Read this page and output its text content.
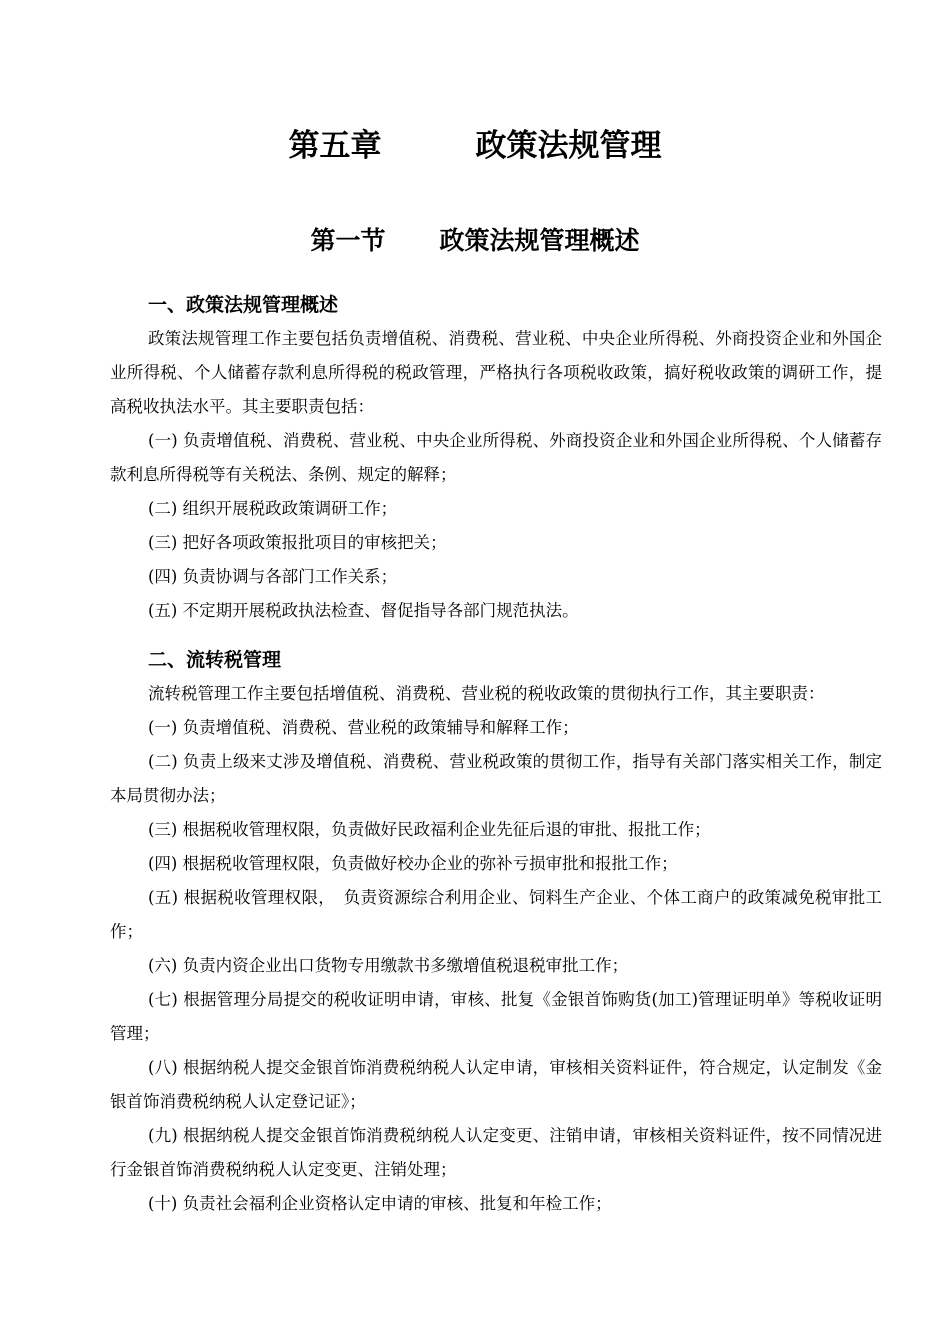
第五章	政策法规管理
第一节 政策法规管理概述
一、政策法规管理概述

政策法规管理工作主要包括负责增值税、消费税、营业税、中央企业所得税、外商投资企业和外国企业所得税、个人储蓄存款利息所得税的税政管理，严格执行各项税收政策，搞好税收政策的调研工作，提高税收执法水平。其主要职责包括：

(一) 负责增值税、消费税、营业税、中央企业所得税、外商投资企业和外国企业所得税、个人储蓄存款利息所得税等有关税法、条例、规定的解释；

(二) 组织开展税政政策调研工作；

(三) 把好各项政策报批项目的审核把关；

(四) 负责协调与各部门工作关系；

(五) 不定期开展税政执法检查、督促指导各部门规范执法。

二、流转税管理

流转税管理工作主要包括增值税、消费税、营业税的税收政策的贯彻执行工作，其主要职责：

(一) 负责增值税、消费税、营业税的政策辅导和解释工作；

(二) 负责上级来丈涉及增值税、消费税、营业税政策的贯彻工作，指导有关部门落实相关工作，制定本局贯彻办法；

(三) 根据税收管理权限，负责做好民政福利企业先征后退的审批、报批工作；

(四) 根据税收管理权限，负责做好校办企业的弥补亏损审批和报批工作；

(五) 根据税收管理权限，　负责资源综合利用企业、饲料生产企业、个体工商户的政策减免税审批工作；

(六) 负责内资企业出口货物专用缴款书多缴增值税退税审批工作；

(七) 根据管理分局提交的税收证明申请，审核、批复《金银首饰购货(加工)管理证明单》等税收证明管理；

(八) 根据纳税人提交金银首饰消费税纳税人认定申请，审核相关资料证件，符合规定，认定制发《金银首饰消费税纳税人认定登记证》；

(九) 根据纳税人提交金银首饰消费税纳税人认定变更、注销申请，审核相关资料证件，按不同情况进行金银首饰消费税纳税人认定变更、注销处理；

(十) 负责社会福利企业资格认定申请的审核、批复和年检工作；
